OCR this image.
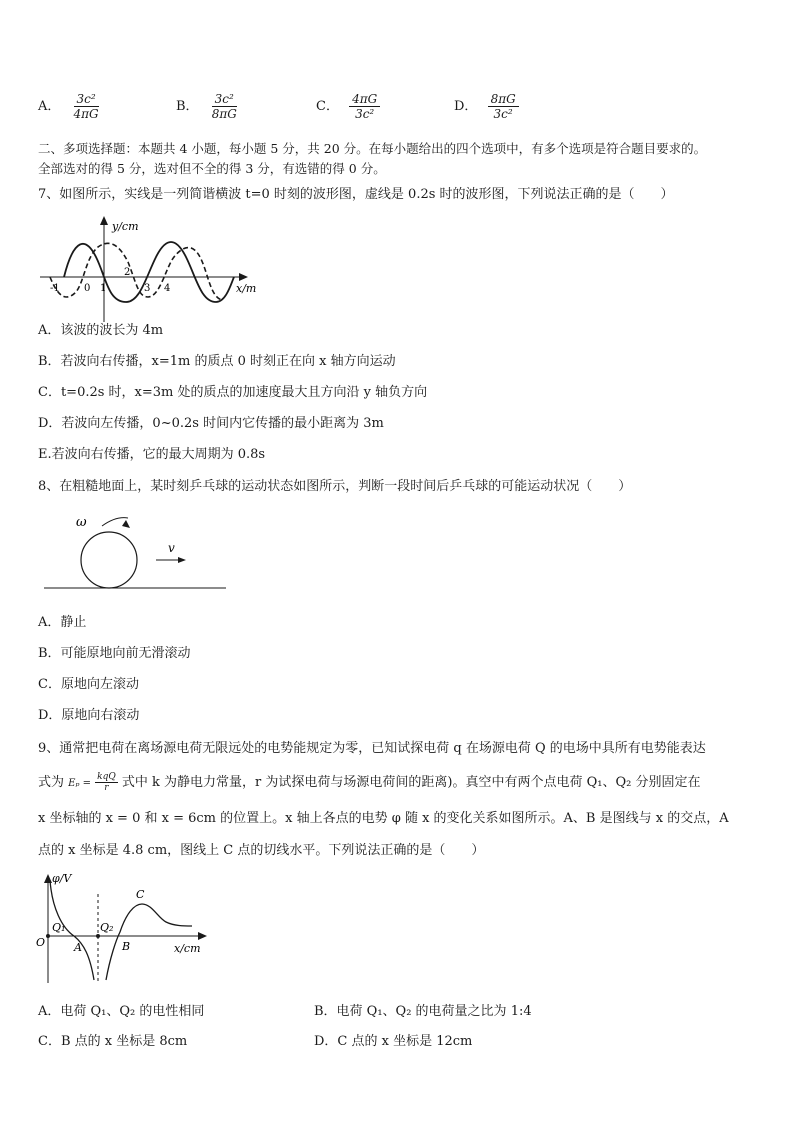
A． $\frac{\text{3c²}}{4\pi G}$	B． $\frac{\text{3c²}}{8\pi G}$	C． $\frac{4\pi G}{\text{3c²}}$	D． $\frac{8\pi G}{\text{3c²}}$
二、多项选择题：本题共 4 小题，每小题 5 分，共 20 分。在每小题给出的四个选项中，有多个选项是符合题目要求的。
全部选对的得 5 分，选对但不全的得 3 分，有选错的得 0 分。
7、如图所示，实线是一列简谐横波 t=0 时刻的波形图，虚线是 0.2s 时的波形图，下列说法正确的是（　　）
y/cm
x/m
-1 0 1
2
3 4
A．该波的波长为 4m
B．若波向右传播，x=1m 的质点 0 时刻正在向 x 轴方向运动
C．t=0.2s 时，x=3m 处的质点的加速度最大且方向沿 y 轴负方向
D．若波向左传播，0~0.2s 时间内它传播的最小距离为 3m
E.若波向右传播，它的最大周期为 0.8s
8、在粗糙地面上，某时刻乒乓球的运动状态如图所示，判断一段时间后乒乓球的可能运动状况（　　）
ω
v
A．静止
B．可能原地向前无滑滚动
C．原地向左滚动
D．原地向右滚动
9、通常把电荷在离场源电荷无限远处的电势能规定为零，已知试探电荷 q 在场源电荷 Q 的电场中具所有电势能表达
式为 $E_p = \frac{\text{kqQ}}{r}$ 式中 k 为静电力常量，r 为试探电荷与场源电荷间的距离)。真空中有两个点电荷 Q₁、Q₂ 分别固定在
x 坐标轴的 x = 0 和 x = 6cm 的位置上。x 轴上各点的电势 φ 随 x 的变化关系如图所示。A、B 是图线与 x 的交点，A
点的 x 坐标是 4.8 cm，图线上 C 点的切线水平。下列说法正确的是（　　）
φ/V
x/cm
O
Q₁	Q₂
A	B
C
A．电荷 Q₁、Q₂ 的电性相同	B．电荷 Q₁、Q₂ 的电荷量之比为 1:4
C．B 点的 x 坐标是 8cm	D．C 点的 x 坐标是 12cm
